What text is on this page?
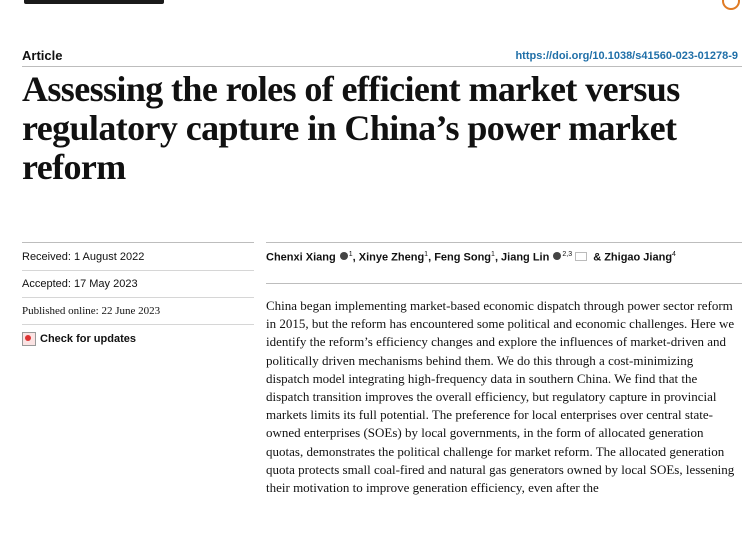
Article	https://doi.org/10.1038/s41560-023-01278-9
Assessing the roles of efficient market versus regulatory capture in China’s power market reform
Received: 1 August 2022
Accepted: 17 May 2023
Published online: 22 June 2023
Check for updates
Chenxi Xiang $^1$, Xinye Zheng$^1$, Feng Song$^1$, Jiang Lin $^{2,3}$ & Zhigao Jiang$^4$

China began implementing market-based economic dispatch through power sector reform in 2015, but the reform has encountered some political and economic challenges. Here we identify the reform’s efficiency changes and explore the influences of market-driven and politically driven mechanisms behind them. We do this through a cost-minimizing dispatch model integrating high-frequency data in southern China. We find that the dispatch transition improves the overall efficiency, but regulatory capture in provincial markets limits its full potential. The preference for local enterprises over central state-owned enterprises (SOEs) by local governments, in the form of allocated generation quotas, demonstrates the political challenge for market reform. The allocated generation quota protects small coal-fired and natural gas generators owned by local SOEs, lessening their motivation to improve generation efficiency, even after the
